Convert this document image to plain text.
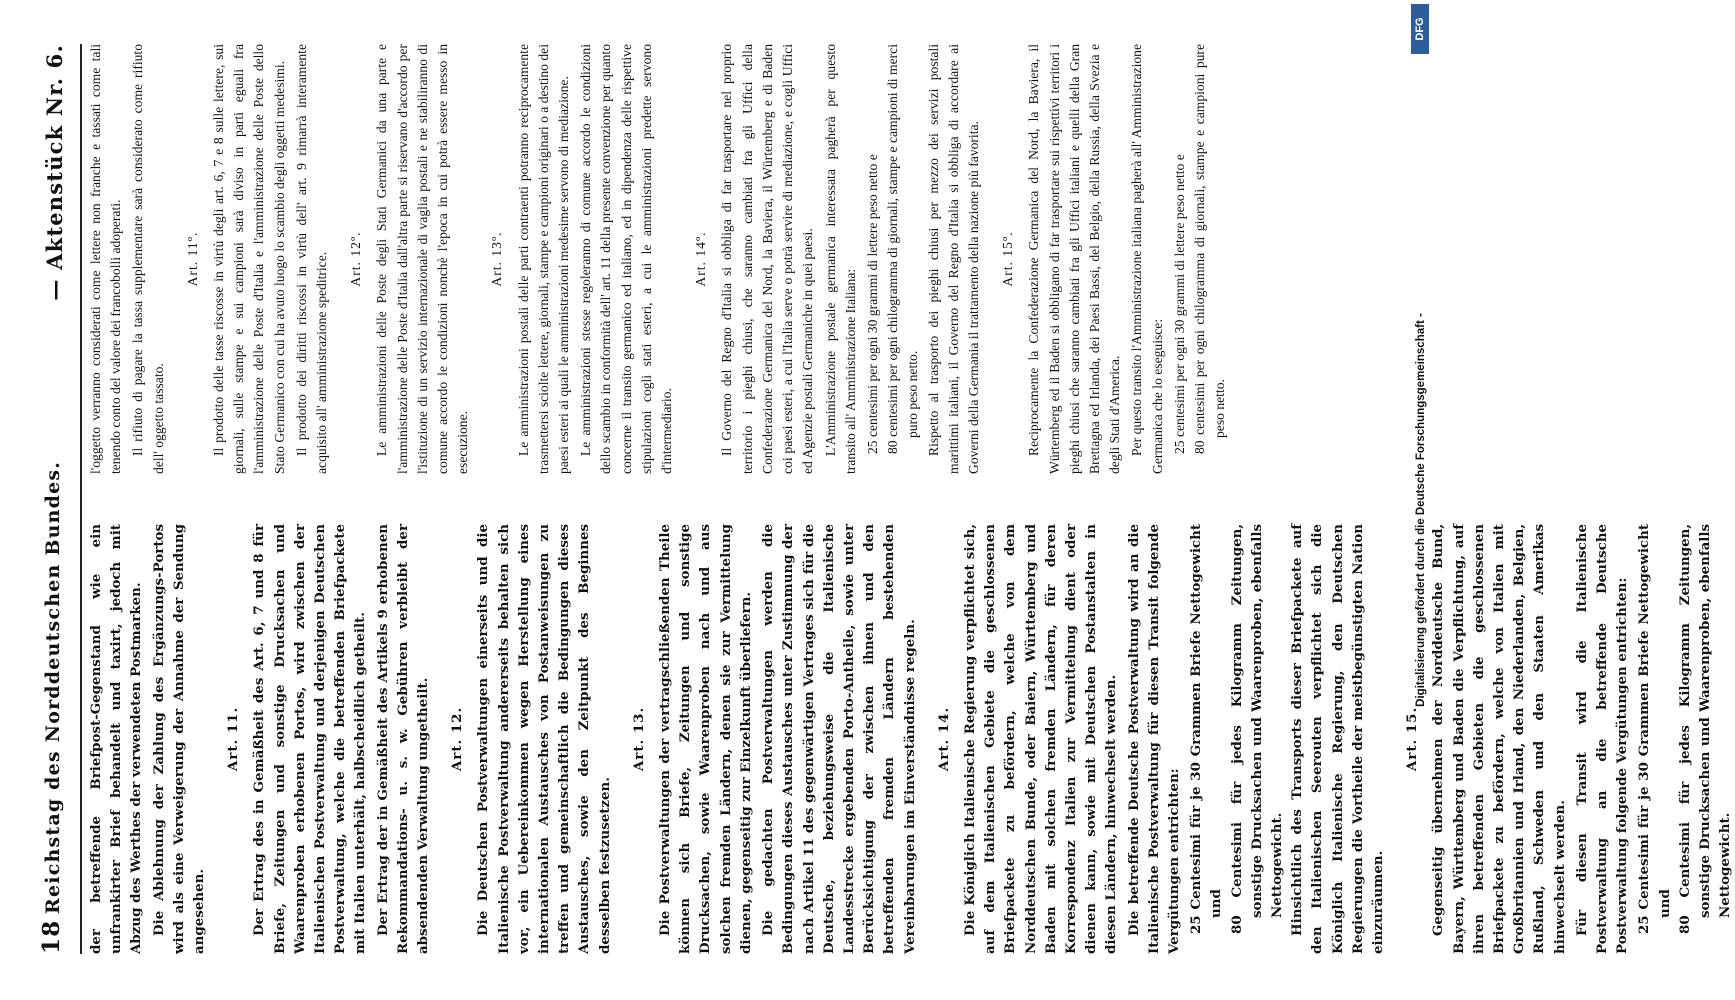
18
Reichstag des Norddeutschen Bundes.
— Aktenstück Nr. 6.

der betreffende Briefpost-Gegenstand wie ein unfrankirter Brief behandelt und taxirt, jedoch mit Abzug des Werthes der verwendeten Postmarken. Die Ablehnung der Zahlung des Ergänzungs-Portos wird als eine Verweigerung der Annahme der Sendung angesehen.

Art. 11. Der Ertrag des in Gemäßheit des Art. 6, 7 und 8 für Briefe, Zeitungen und sonstige Drucksachen und Waarenproben erhobenen Portos, wird zwischen der Italienischen Postverwaltung und derjenigen Deutschen Postverwaltung, welche die betreffenden Briefpackete mit Italien unterhält, halbscheidlich getheilt. Der Ertrag der in Gemäßheit des Artikels 9 erhobenen Rekommandations- u. s. w. Gebühren verbleibt der absendenden Verwaltung ungetheilt. Art. 12. Die Deutschen Postverwaltungen einerseits und die Italienische Postverwaltung andererseits behalten sich vor, ein Uebereinkommen wegen Herstellung eines internationalen Austausches von Postanweisungen zu treffen und gemeinschaftlich die Bedingungen dieses Austausches, sowie den Zeitpunkt des Beginnes desselben festzusetzen.

Art. 13. Die Postverwaltungen der vertragschließenden Theile können sich Briefe, Zeitungen und sonstige Drucksachen, sowie Waarenproben nach und aus solchen fremden Ländern, denen sie zur Vermittelung dienen, gegenseitig zur Einzelkunft überliefern. Die gedachten Postverwaltungen werden die Bedingungen dieses Austausches unter Zustimmung der nach Artikel 11 des gegenwärtigen Vertrages sich für die Deutsche, beziehungsweise die Italienische Landesstrecke ergebenden Porto-Antheile, sowie unter Berücksichtigung der zwischen ihnen und den betreffenden fremden Ländern bestehenden Vereinbarungen im Einverständnisse regeln. Art. 14. Die Königlich Italienische Regierung verpflichtet sich, auf dem Italienischen Gebiete die geschlossenen Briefpackete zu befördern, welche von dem Norddeutschen Bunde, oder Baiern, Württemberg und Baden mit solchen fremden Ländern, für deren Korrespondenz Italien zur Vermittelung dient oder dienen kann, sowie mit Deutschen Postanstalten in diesen Ländern, hinwechselt werden. Die betreffende Deutsche Postverwaltung wird an die Italienische Postverwaltung für diesen Transit folgende Vergütungen entrichten: 25 Centesimi für je 30 Grammen Briefe Nettogewicht und 80 Centesimi für jedes Kilogramm Zeitungen, sonstige Drucksachen und Waarenproben, ebenfalls Nettogewicht. Hinsichtlich des Transports dieser Briefpackete auf den Italienischen Seerouten verpflichtet sich die Königlich Italienische Regierung, den Deutschen Regierungen die Vortheile der meistbegünstigten Nation einzuräumen.

Art. 15. Gegenseitig übernehmen der Norddeutsche Bund, Bayern, Württemberg und Baden die Verpflichtung, auf ihren betreffenden Gebieten die geschlossenen Briefpackete zu befördern, welche von Italien mit Großbritannien und Irland, den Niederlanden, Belgien, Rußland, Schweden und den Staaten Amerikas hinwechselt werden. Für diesen Transit wird die Italienische Postverwaltung an die betreffende Deutsche Postverwaltung folgende Vergütungen entrichten: 25 Centesimi für je 30 Grammen Briefe Nettogewicht und 80 Centesimi für jedes Kilogramm Zeitungen, sonstige Drucksachen und Waarenproben, ebenfalls Nettogewicht.

l'oggetto verranno considerati come lettere non franche e tassati come tali tenendo conto del valore dei francobolli adoperati. Il rifiuto di pagare la tassa supplementare sarà considerato come rifiuto dell' oggetto tassato.

Art. 11º. Il prodotto delle tasse riscosse in virtù degli art. 6, 7 e 8 sulle lettere, sui giornali, sulle stampe e sui campioni sarà diviso in parti eguali fra l'amministrazione delle Poste d'Italia e l'amministrazione delle Poste dello Stato Germanico con cui ha avuto luogo lo scambio degli oggetti medesimi. Il prodotto dei diritti riscossi in virtù dell' art. 9 rimarrà interamente acquisito all' amministrazione speditrice. Art. 12º. Le amministrazioni delle Poste degli Stati Germanici da una parte e l'amministrazione delle Poste d'Italia dall'altra parte si riservano d'accordo per l'istituzione di un servizio internazionale di vaglia postali e ne stabiliranno di comune accordo le condizioni nonchè l'epoca in cui potrà essere messo in esecuzione.

Art. 13º. Le amministrazioni postali delle parti contraenti potranno reciprocamente trasmettersi sciolte lettere, giornali, stampe e campioni originari o a destino dei paesi esteri ai quali le amministrazioni medesime servono di mediazione. Le amministrazioni stesse regoleranno di comune accordo le condizioni dello scambio in conformità dell' art. 11 della presente convenzione per quanto concerne il transito germanico ed italiano, ed in dipendenza delle rispettive stipulazioni cogli stati esteri, a cui le amministrazioni predette servono d'intermediario.

Art. 14º. Il Governo del Regno d'Italia si obbliga di far trasportare nel proprio territorio i pieghi chiusi, che saranno cambiati fra gli Uffici della Confederazione Germanica del Nord, la Baviera, il Würtemberg e di Baden coi paesi esteri, a cui l'Italia serve o potrà servire di mediazione, e cogli Uffici ed Agenzie postali Germaniche in quei paesi. L'Amministrazione postale germanica interessata pagherà per questo transito all' Amministrazione Italiana: 25 centesimi per ogni 30 grammi di lettere peso netto e 80 centesimi per ogni chilogramma di giornali, stampe e campioni di merci puro peso netto. Rispetto al trasporto dei pieghi chiusi per mezzo dei servizi postali marittimi italiani, il Governo del Regno d'Italia si obbliga di accordare ai Governi della Germania il trattamento della nazione più favorita. Art. 15º. Reciprocamente la Confederazione Germanica del Nord, la Baviera, il Würtemberg ed il Baden si obbligano di far trasportare sui rispettivi territori i pieghi chiusi che saranno cambiati fra gli Uffici italiani e quelli della Gran Brettagna ed Irlanda, dei Paesi Bassi, del Belgio, della Russia, della Svezia e degli Stati d'America. Per questo transito l'Amministrazione italiana pagherà all' Amministrazione Germanica che lo eseguisce: 25 centesimi per ogni 30 grammi di lettere peso netto e 80 centesimi per ogni chilogramma di giornali, stampe e campioni pure peso netto.

DFG
Digitalisierung gefördert durch die Deutsche Forschungsgemeinschaft -
